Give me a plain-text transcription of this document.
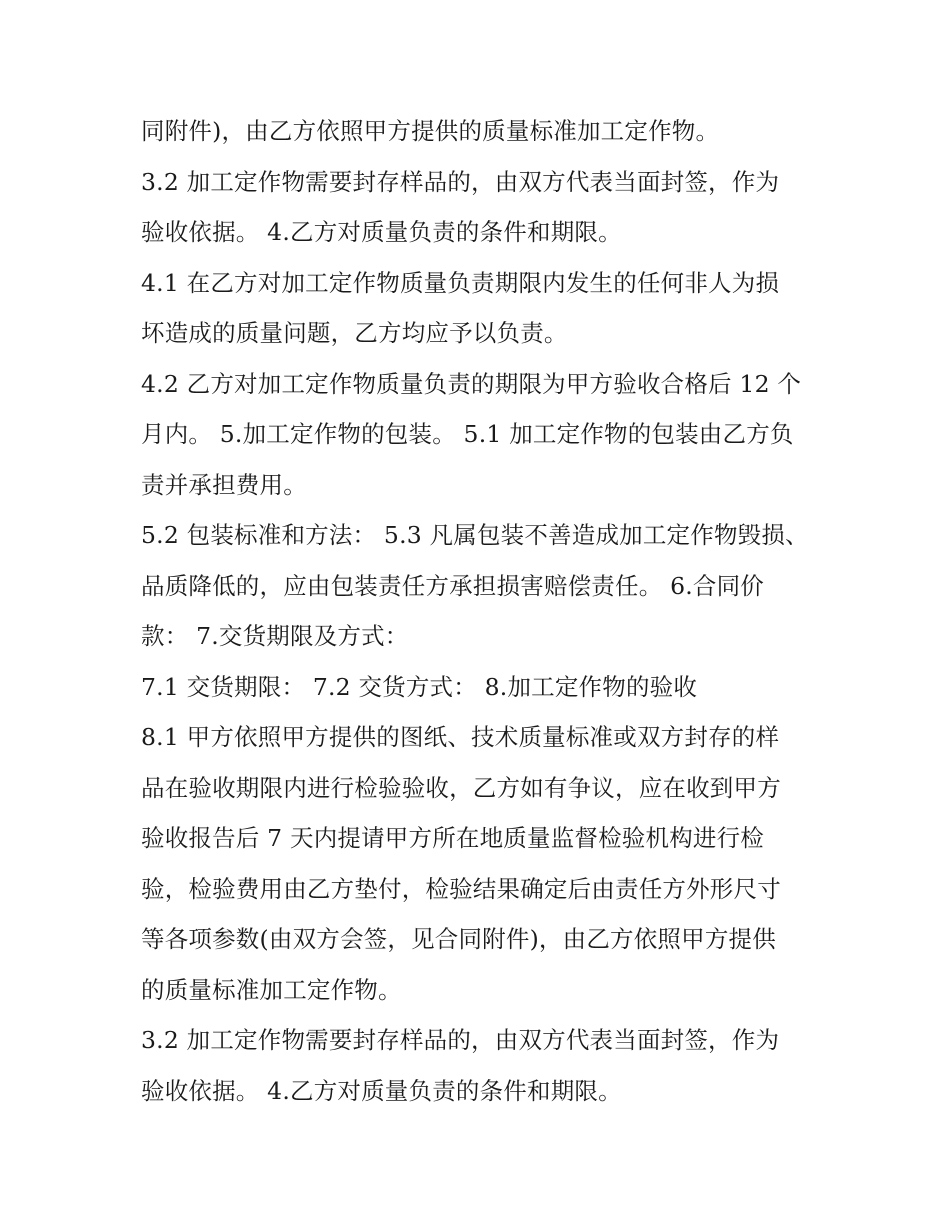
同附件)，由乙方依照甲方提供的质量标准加工定作物。
3.2 加工定作物需要封存样品的，由双方代表当面封签，作为
验收依据。 4.乙方对质量负责的条件和期限。
4.1 在乙方对加工定作物质量负责期限内发生的任何非人为损
坏造成的质量问题，乙方均应予以负责。
4.2 乙方对加工定作物质量负责的期限为甲方验收合格后 12 个
月内。 5.加工定作物的包装。 5.1 加工定作物的包装由乙方负
责并承担费用。
5.2 包装标准和方法： 5.3 凡属包装不善造成加工定作物毁损、
品质降低的，应由包装责任方承担损害赔偿责任。 6.合同价
款： 7.交货期限及方式：
7.1 交货期限： 7.2 交货方式： 8.加工定作物的验收
8.1 甲方依照甲方提供的图纸、技术质量标准或双方封存的样
品在验收期限内进行检验验收，乙方如有争议，应在收到甲方
验收报告后 7 天内提请甲方所在地质量监督检验机构进行检
验，检验费用由乙方垫付，检验结果确定后由责任方外形尺寸
等各项参数(由双方会签，见合同附件)，由乙方依照甲方提供
的质量标准加工定作物。
3.2 加工定作物需要封存样品的，由双方代表当面封签，作为
验收依据。 4.乙方对质量负责的条件和期限。
